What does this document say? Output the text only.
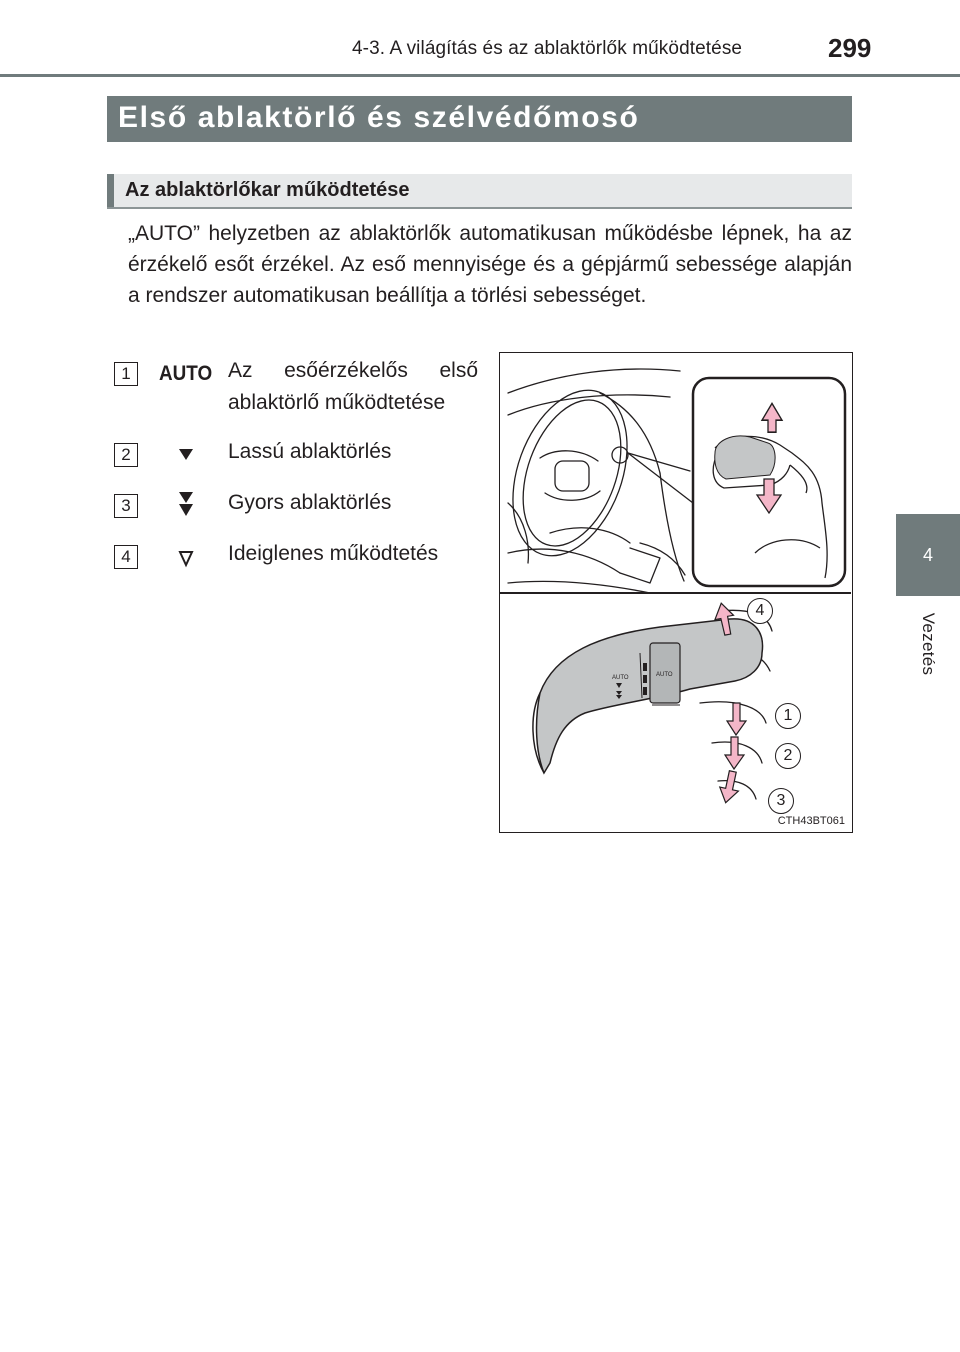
4-3. A világítás és az ablaktörlők működtetése	299
4
Vezetés
Első ablaktörlő és szélvédőmosó
Az ablaktörlőkar működtetése
„AUTO” helyzetben az ablaktörlők automatikusan működésbe lépnek, ha az érzékelő esőt érzékel. Az eső mennyisége és a gépjármű sebessége alapján a rendszer automatikusan beállítja a törlési sebességet.
1	AUTO Az esőérzékelős első
ablaktörlő működtetése
2	Lassú ablaktörlés
3	Gyors ablaktörlés
4	Ideiglenes működtetés
AUTO	AUTO
4
1
2
3
CTH43BT061
